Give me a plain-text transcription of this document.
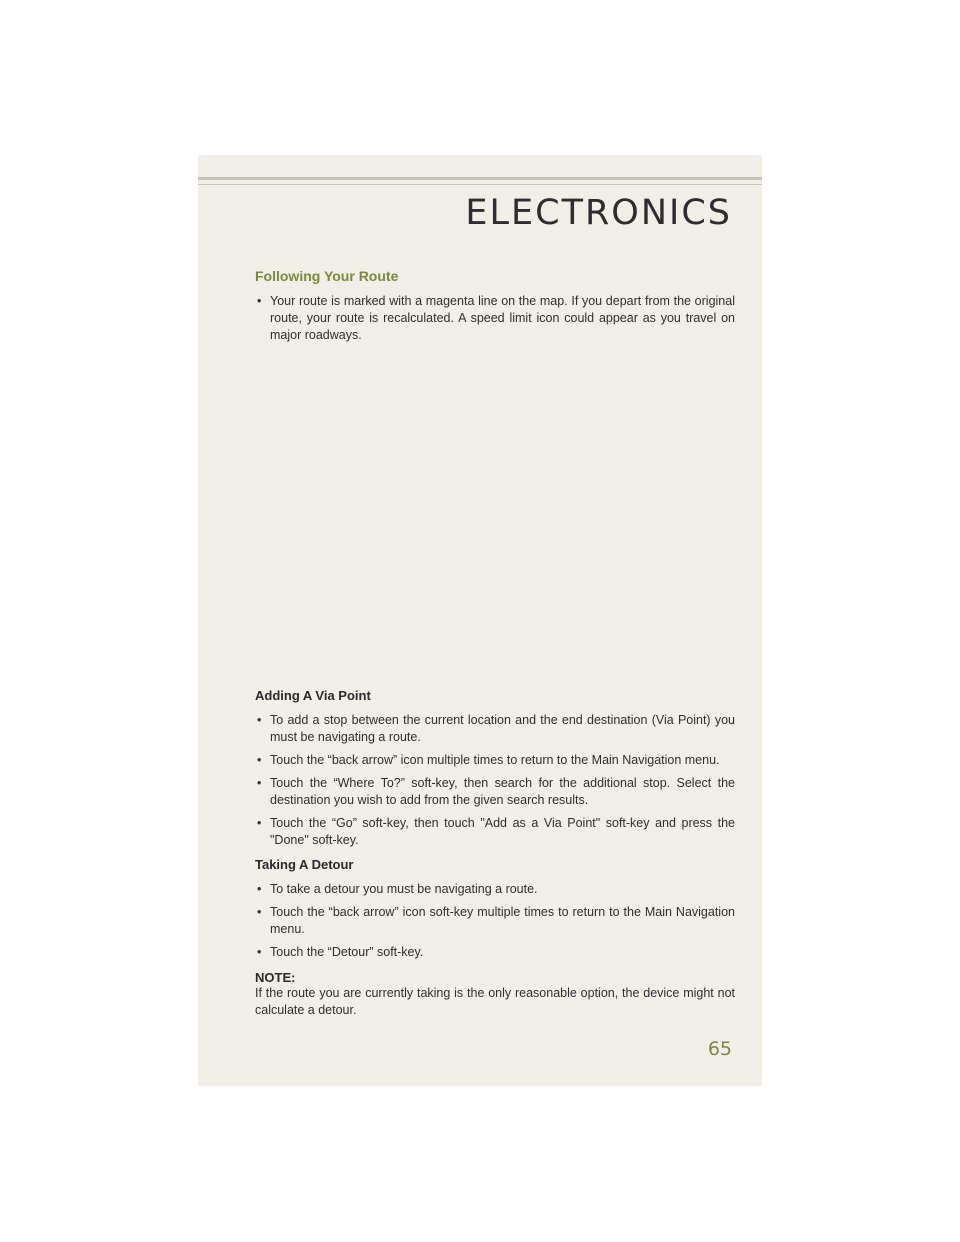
ELECTRONICS
Following Your Route
• Your route is marked with a magenta line on the map. If you depart from the original route, your route is recalculated. A speed limit icon could appear as you travel on major roadways.
Adding A Via Point
• To add a stop between the current location and the end destination (Via Point) you must be navigating a route.
• Touch the “back arrow” icon multiple times to return to the Main Navigation menu.
• Touch the “Where To?” soft-key, then search for the additional stop. Select the destination you wish to add from the given search results.
• Touch the “Go” soft-key, then touch "Add as a Via Point" soft-key and press the "Done" soft-key.
Taking A Detour
• To take a detour you must be navigating a route.
• Touch the “back arrow” icon soft-key multiple times to return to the Main Navigation menu.
• Touch the “Detour” soft-key.
NOTE:

If the route you are currently taking is the only reasonable option, the device might not calculate a detour.

65
